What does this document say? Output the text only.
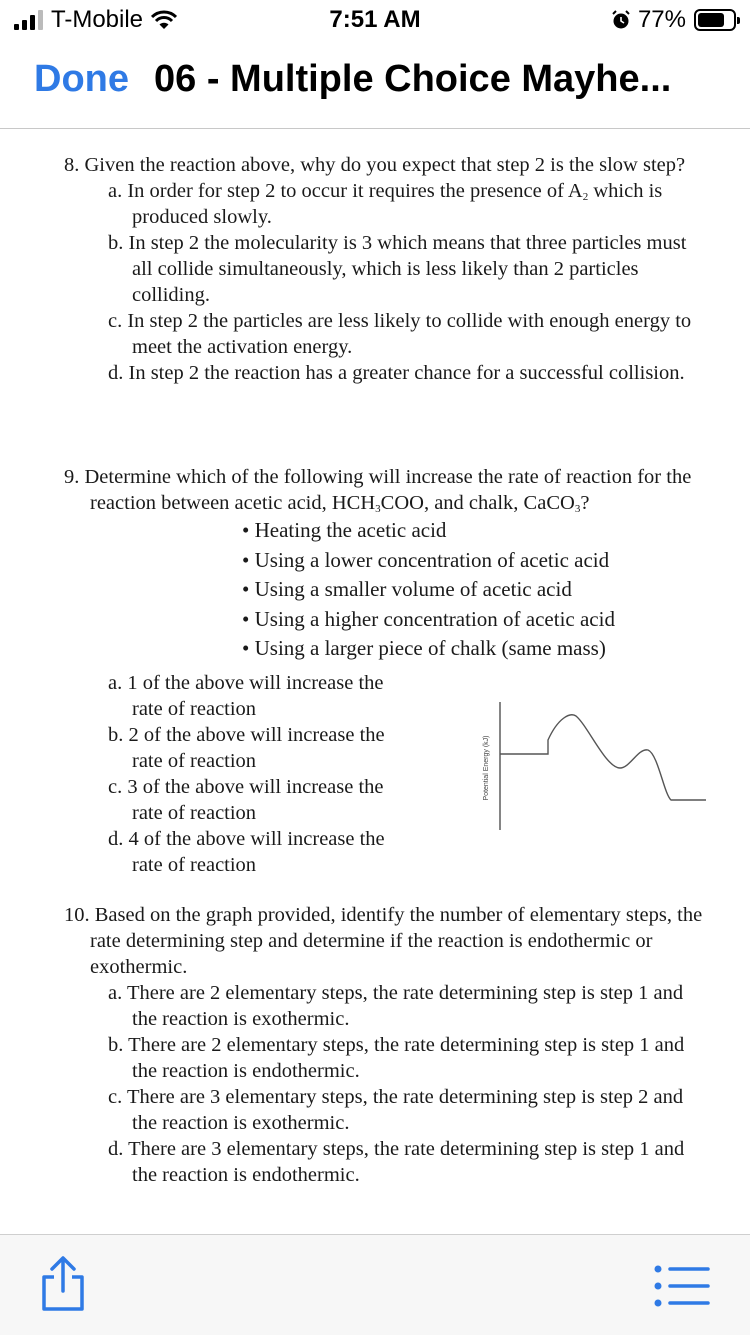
T-Mobile	7:51 AM	77%
Done 06 - Multiple Choice Mayhe...
8. Given the reaction above, why do you expect that step 2 is the slow step?
a. In order for step 2 to occur it requires the presence of $A_2$ which is produced slowly.
b. In step 2 the molecularity is 3 which means that three particles must all collide simultaneously, which is less likely than 2 particles colliding.
c. In step 2 the particles are less likely to collide with enough energy to meet the activation energy.
d. In step 2 the reaction has a greater chance for a successful collision.
9. Determine which of the following will increase the rate of reaction for the reaction between acetic acid, $HCH_3COO$, and chalk, CaCO$_3$?
• Heating the acetic acid
• Using a lower concentration of acetic acid
• Using a smaller volume of acetic acid
• Using a higher concentration of acetic acid
• Using a larger piece of chalk (same mass)
a. 1 of the above will increase the rate of reaction
b. 2 of the above will increase the rate of reaction
c. 3 of the above will increase the rate of reaction
d. 4 of the above will increase the rate of reaction
Potential Energy (kJ)
10. Based on the graph provided, identify the number of elementary steps, the rate determining step and determine if the reaction is endothermic or exothermic.
a. There are 2 elementary steps, the rate determining step is step 1 and the reaction is exothermic.
b. There are 2 elementary steps, the rate determining step is step 1 and the reaction is endothermic.
c. There are 3 elementary steps, the rate determining step is step 2 and the reaction is exothermic.
d. There are 3 elementary steps, the rate determining step is step 1 and the reaction is endothermic.
